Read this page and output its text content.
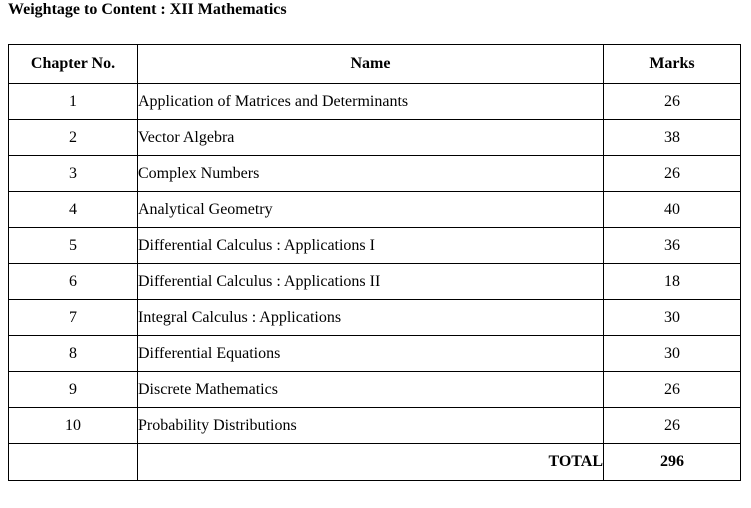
Weightage to Content : XII Mathematics
Chapter No.	Name	Marks
1	Application of Matrices and Determinants	26
2	Vector Algebra	38
3	Complex Numbers	26
4	Analytical Geometry	40
5	Differential Calculus : Applications I	36
6	Differential Calculus : Applications II	18
7	Integral Calculus : Applications	30
8	Differential Equations	30
9	Discrete Mathematics	26
10	Probability Distributions	26
	TOTAL	296
